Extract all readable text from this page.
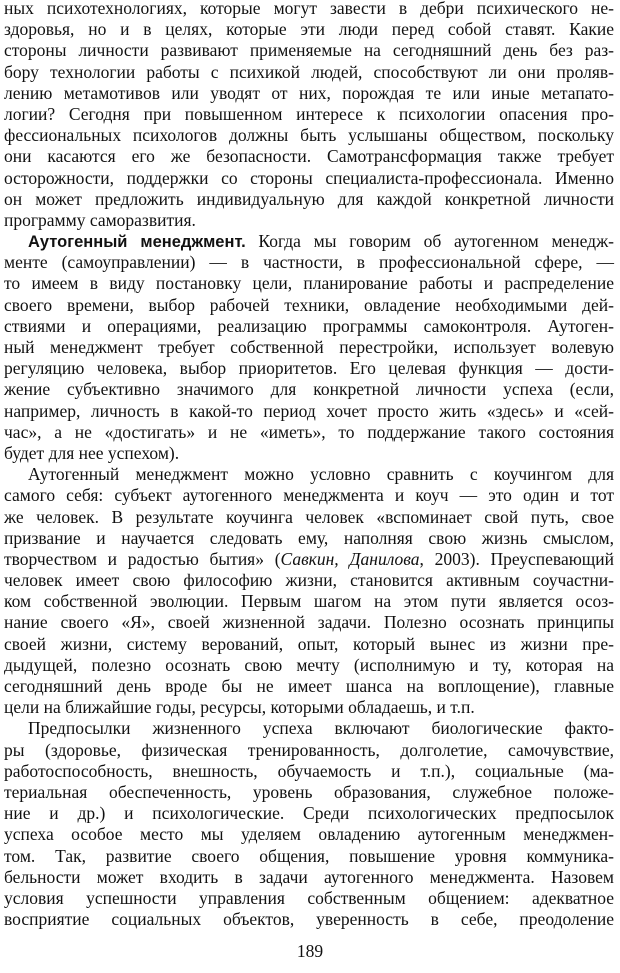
ных психотехнологиях, которые могут завести в дебри психического не-
здоровья, но и в целях, которые эти люди перед собой ставят. Какие
стороны личности развивают применяемые на сегодняшний день без раз-
бору технологии работы с психикой людей, способствуют ли они проляв-
лению метамотивов или уводят от них, порождая те или иные метапато-
логии? Сегодня при повышенном интересе к психологии опасения про-
фессиональных психологов должны быть услышаны обществом, поскольку
они касаются его же безопасности. Самотрансформация также требует
осторожности, поддержки со стороны специалиста-профессионала. Именно
он может предложить индивидуальную для каждой конкретной личности
программу саморазвития.
Аутогенный менеджмент. Когда мы говорим об аутогенном менедж-
менте (самоуправлении) — в частности, в профессиональной сфере, —
то имеем в виду постановку цели, планирование работы и распределение
своего времени, выбор рабочей техники, овладение необходимыми дей-
ствиями и операциями, реализацию программы самоконтроля. Аутоген-
ный менеджмент требует собственной перестройки, использует волевую
регуляцию человека, выбор приоритетов. Его целевая функция — дости-
жение субъективно значимого для конкретной личности успеха (если,
например, личность в какой-то период хочет просто жить «здесь» и «сей-
час», а не «достигать» и не «иметь», то поддержание такого состояния
будет для нее успехом).
Аутогенный менеджмент можно условно сравнить с коучингом для
самого себя: субъект аутогенного менеджмента и коуч — это один и тот
же человек. В результате коучинга человек «вспоминает свой путь, свое
призвание и научается следовать ему, наполняя свою жизнь смыслом,
творчеством и радостью бытия» (Савкин, Данилова, 2003). Преуспевающий
человек имеет свою философию жизни, становится активным соучастни-
ком собственной эволюции. Первым шагом на этом пути является осоз-
нание своего «Я», своей жизненной задачи. Полезно осознать принципы
своей жизни, систему верований, опыт, который вынес из жизни пре-
дыдущей, полезно осознать свою мечту (исполнимую и ту, которая на
сегодняшний день вроде бы не имеет шанса на воплощение), главные
цели на ближайшие годы, ресурсы, которыми обладаешь, и т.п.
Предпосылки жизненного успеха включают биологические факто-
ры (здоровье, физическая тренированность, долголетие, самочувствие,
работоспособность, внешность, обучаемость и т.п.), социальные (ма-
териальная обеспеченность, уровень образования, служебное положе-
ние и др.) и психологические. Среди психологических предпосылок
успеха особое место мы уделяем овладению аутогенным менеджмен-
том. Так, развитие своего общения, повышение уровня коммуника-
бельности может входить в задачи аутогенного менеджмента. Назовем
условия успешности управления собственным общением: адекватное
восприятие социальных объектов, уверенность в себе, преодоление
189
